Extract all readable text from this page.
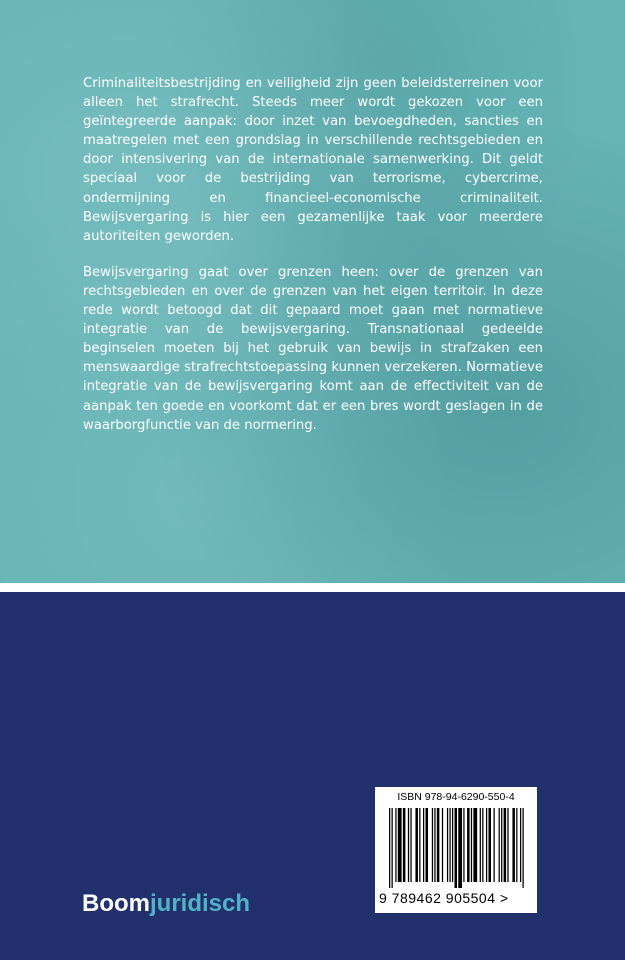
Criminaliteitsbestrijding en veiligheid zijn geen beleidsterreinen voor alleen het strafrecht. Steeds meer wordt gekozen voor een geïntegreerde aanpak: door inzet van bevoegdheden, sancties en maatregelen met een grondslag in verschillende rechtsgebieden en door intensivering van de internationale samenwerking. Dit geldt speciaal voor de bestrijding van terrorisme, cybercrime, ondermijning en financieel-economische criminaliteit. Bewijsvergaring is hier een gezamenlijke taak voor meerdere autoriteiten geworden.

Bewijsvergaring gaat over grenzen heen: over de grenzen van rechtsgebieden en over de grenzen van het eigen territoir. In deze rede wordt betoogd dat dit gepaard moet gaan met normatieve integratie van de bewijsvergaring. Transnationaal gedeelde beginselen moeten bij het gebruik van bewijs in strafzaken een menswaardige strafrechtstoepassing kunnen verzekeren. Normatieve integratie van de bewijsvergaring komt aan de effectiviteit van de aanpak ten goede en voorkomt dat er een bres wordt geslagen in de waarborgfunctie van de normering.

ISBN 978-94-6290-550-4
9 789462 905504 >
Boomjuridisch
